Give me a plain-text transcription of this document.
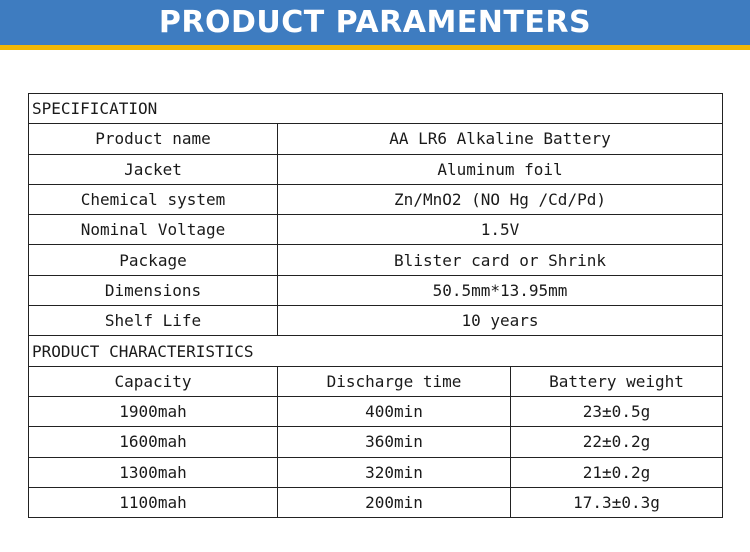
PRODUCT PARAMENTERS
SPECIFICATION		
Product name	AA LR6 Alkaline Battery	
Jacket	Aluminum foil	
Chemical system	Zn/MnO2 (NO Hg /Cd/Pd)	
Nominal Voltage	1.5V	
Package	Blister card or Shrink	
Dimensions	50.5mm*13.95mm	
Shelf Life	10 years	
PRODUCT CHARACTERISTICS		
Capacity	Discharge time	Battery weight
1900mah	400min	23±0.5g
1600mah	360min	22±0.2g
1300mah	320min	21±0.2g
1100mah	200min	17.3±0.3g
